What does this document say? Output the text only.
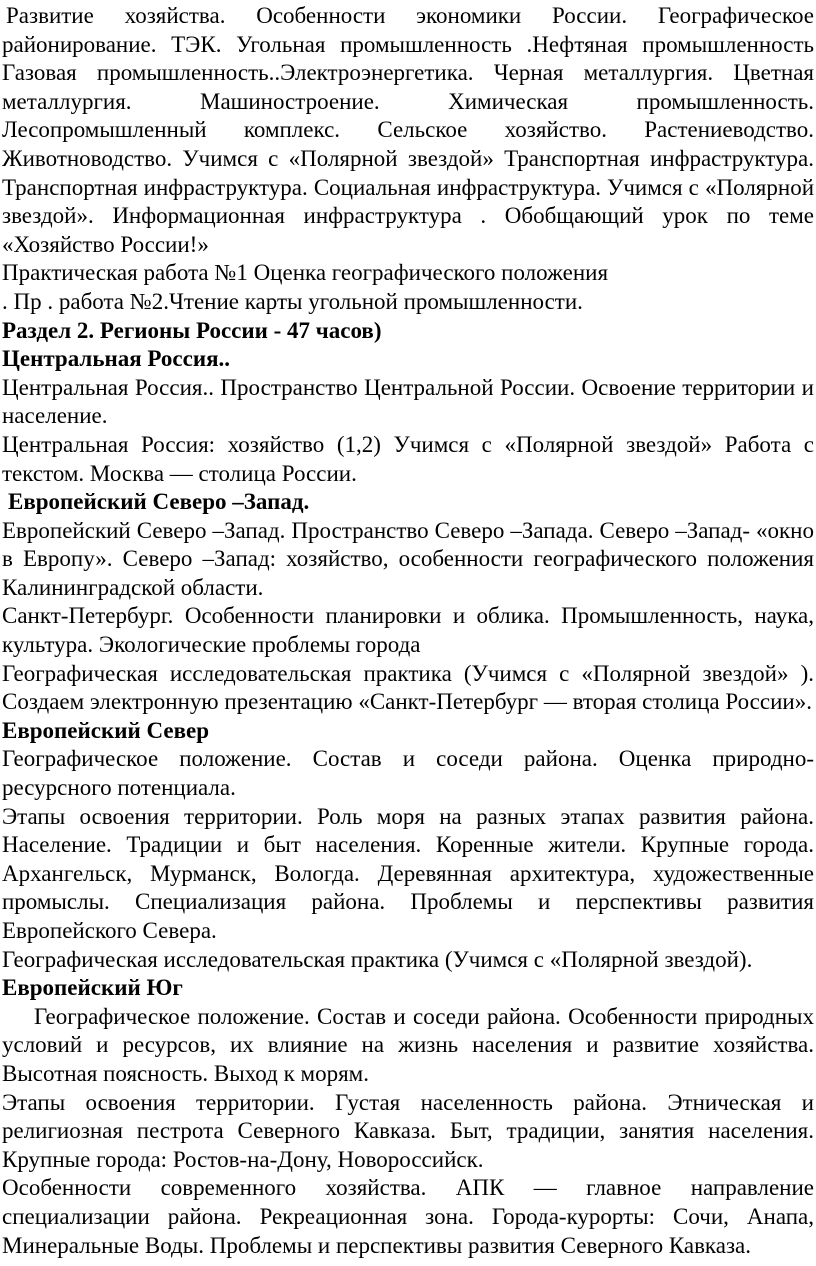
Развитие хозяйства. Особенности экономики России. Географическое районирование. ТЭК. Угольная промышленность .Нефтяная промышленность Газовая промышленность..Электроэнергетика. Черная металлургия. Цветная металлургия. Машиностроение. Химическая промышленность. Лесопромышленный комплекс. Сельское хозяйство. Растениеводство. Животноводство. Учимся с «Полярной звездой» Транспортная инфраструктура. Транспортная инфраструктура. Социальная инфраструктура. Учимся с «Полярной звездой». Информационная инфраструктура . Обобщающий урок по теме «Хозяйство России!»

Практическая работа №1 Оценка географического положения

. Пр . работа №2.Чтение карты угольной промышленности.

Раздел 2. Регионы России - 47 часов)

Центральная Россия..

Центральная Россия.. Пространство Центральной России. Освоение территории и население.

Центральная Россия: хозяйство (1,2) Учимся с «Полярной звездой» Работа с текстом. Москва — столица России.

Европейский Северо –Запад.

Европейский Северо –Запад. Пространство Северо –Запада. Северо –Запад- «окно в Европу». Северо –Запад: хозяйство, особенности географического положения Калининградской области.

Санкт-Петербург. Особенности планировки и облика. Промышленность, наука, культура. Экологические проблемы города

Географическая исследовательская практика (Учимся с «Полярной звездой» ). Создаем электронную презентацию «Санкт-Петербург — вторая столица России».

Европейский Север

Географическое положение. Состав и соседи района. Оценка природно-ресурсного потенциала.

Этапы освоения территории. Роль моря на разных этапах развития района. Население. Традиции и быт населения. Коренные жители. Крупные города. Архангельск, Мурманск, Вологда. Деревянная архитектура, художественные промыслы. Специализация района. Проблемы и перспективы развития Европейского Севера.

Географическая исследовательская практика (Учимся с «Полярной звездой).

Европейский Юг

Географическое положение. Состав и соседи района. Особенности природных условий и ресурсов, их влияние на жизнь населения и развитие хозяйства. Высотная поясность. Выход к морям.

Этапы освоения территории. Густая населенность района. Этническая и религиозная пестрота Северного Кавказа. Быт, традиции, занятия населения. Крупные города: Ростов-на-Дону, Новороссийск.

Особенности современного хозяйства. АПК — главное направление специализации района. Рекреационная зона. Города-курорты: Сочи, Анапа, Минеральные Воды. Проблемы и перспективы развития Северного Кавказа.
